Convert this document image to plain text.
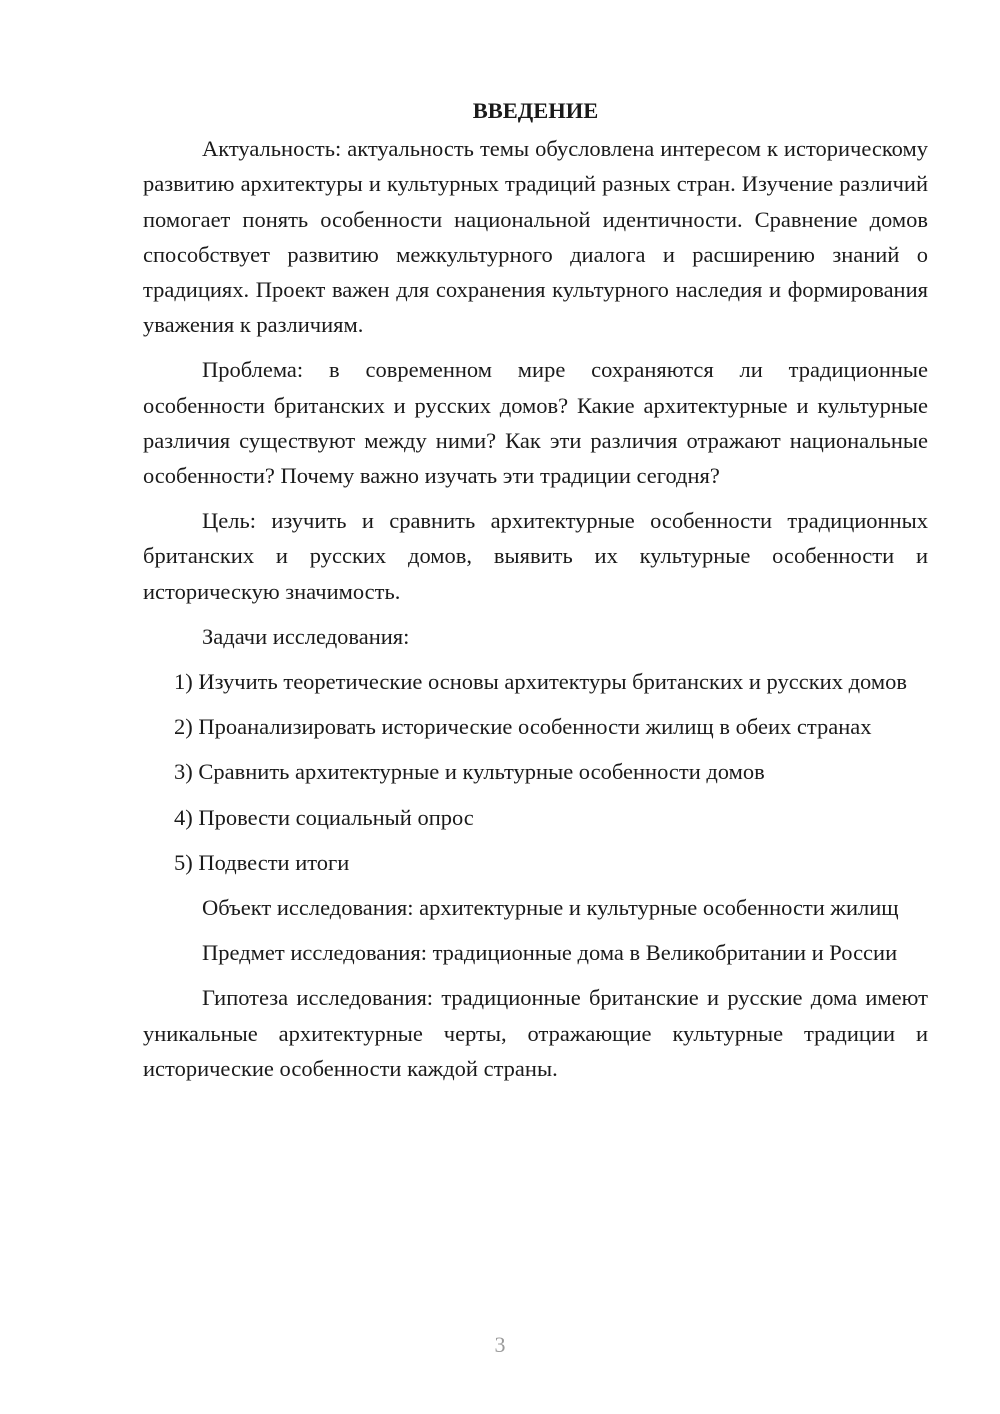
ВВЕДЕНИЕ

Актуальность: актуальность темы обусловлена интересом к историческому развитию архитектуры и культурных традиций разных стран. Изучение различий помогает понять особенности национальной идентичности. Сравнение домов способствует развитию межкультурного диалога и расширению знаний о традициях. Проект важен для сохранения культурного наследия и формирования уважения к различиям.

Проблема: в современном мире сохраняются ли традиционные особенности британских и русских домов? Какие архитектурные и культурные различия существуют между ними? Как эти различия отражают национальные особенности? Почему важно изучать эти традиции сегодня?

Цель: изучить и сравнить архитектурные особенности традиционных британских и русских домов, выявить их культурные особенности и историческую значимость.

Задачи исследования:

1) Изучить теоретические основы архитектуры британских и русских домов

2) Проанализировать исторические особенности жилищ в обеих странах

3) Сравнить архитектурные и культурные особенности домов

4) Провести социальный опрос

5) Подвести итоги

Объект исследования: архитектурные и культурные особенности жилищ

Предмет исследования: традиционные дома в Великобритании и России

Гипотеза исследования: традиционные британские и русские дома имеют уникальные архитектурные черты, отражающие культурные традиции и исторические особенности каждой страны.

3
